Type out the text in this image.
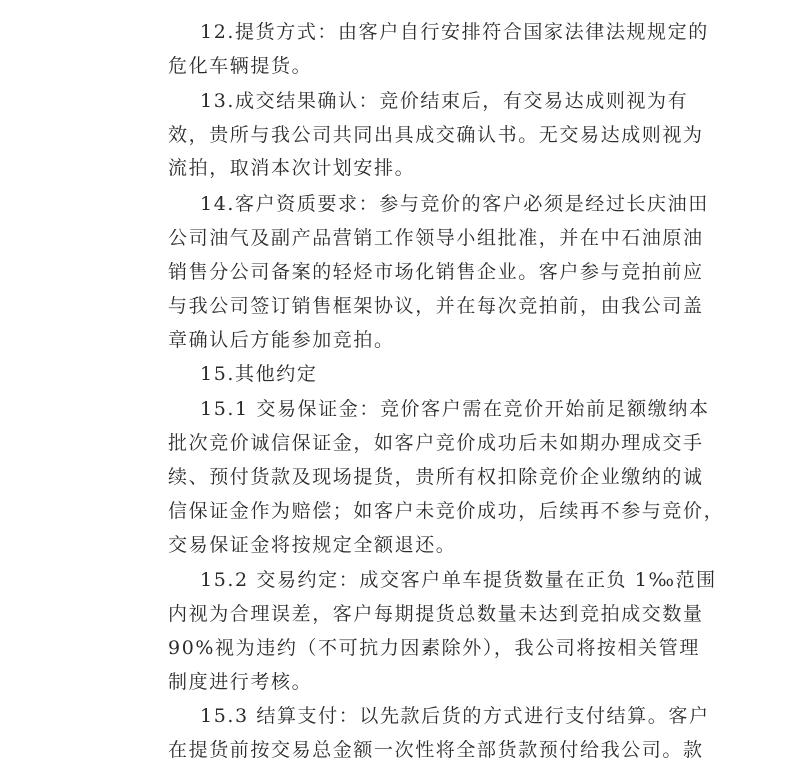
12.提货方式：由客户自行安排符合国家法律法规规定的
危化车辆提货。
13.成交结果确认：竞价结束后，有交易达成则视为有
效，贵所与我公司共同出具成交确认书。无交易达成则视为
流拍，取消本次计划安排。
14.客户资质要求：参与竞价的客户必须是经过长庆油田
公司油气及副产品营销工作领导小组批准，并在中石油原油
销售分公司备案的轻烃市场化销售企业。客户参与竞拍前应
与我公司签订销售框架协议，并在每次竞拍前，由我公司盖
章确认后方能参加竞拍。
15.其他约定
15.1 交易保证金：竞价客户需在竞价开始前足额缴纳本
批次竞价诚信保证金，如客户竞价成功后未如期办理成交手
续、预付货款及现场提货，贵所有权扣除竞价企业缴纳的诚
信保证金作为赔偿；如客户未竞价成功，后续再不参与竞价，
交易保证金将按规定全额退还。
15.2 交易约定：成交客户单车提货数量在正负 1‰范围
内视为合理误差，客户每期提货总数量未达到竞拍成交数量
90%视为违约（不可抗力因素除外），我公司将按相关管理
制度进行考核。
15.3 结算支付：以先款后货的方式进行支付结算。客户
在提货前按交易总金额一次性将全部货款预付给我公司。款
